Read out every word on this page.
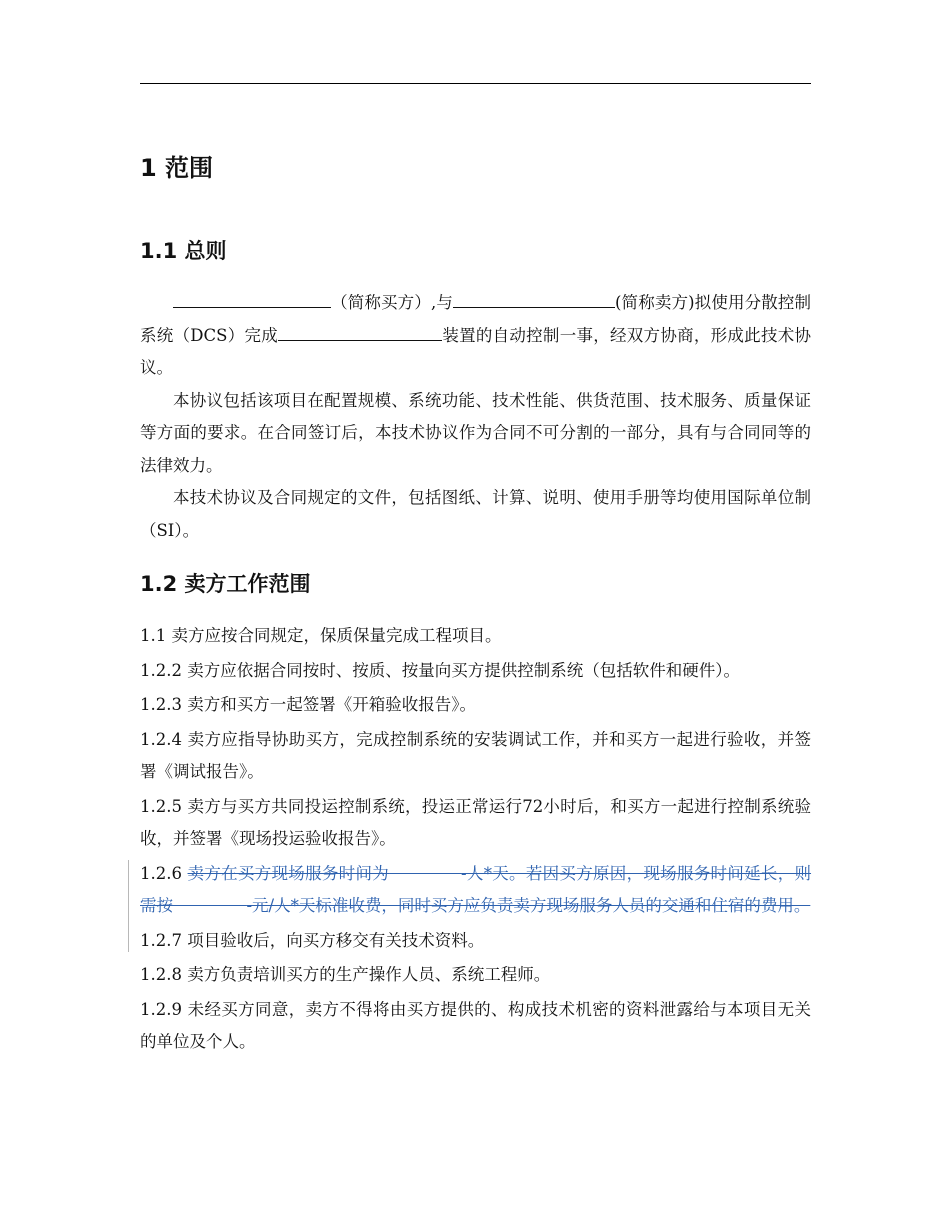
1 范围
1.1 总则

（简称买方）,与	(简称卖方)拟使用分散控制系统（DCS）完成	装置的自动控制一事，经双方协商，形成此技术协议。

本协议包括该项目在配置规模、系统功能、技术性能、供货范围、技术服务、质量保证等方面的要求。在合同签订后，本技术协议作为合同不可分割的一部分，具有与合同同等的法律效力。

本技术协议及合同规定的文件，包括图纸、计算、说明、使用手册等均使用国际单位制（SI）。

1.2 卖方工作范围

1.1 卖方应按合同规定，保质保量完成工程项目。

1.2.2 卖方应依据合同按时、按质、按量向买方提供控制系统（包括软件和硬件）。

1.2.3 卖方和买方一起签署《开箱验收报告》。

1.2.4 卖方应指导协助买方，完成控制系统的安装调试工作，并和买方一起进行验收，并签署《调试报告》。

1.2.5 卖方与买方共同投运控制系统，投运正常运行72小时后，和买方一起进行控制系统验收，并签署《现场投运验收报告》。

1.2.6 卖方在买方现场服务时间为	-人*天。若因买方原因，现场服务时间延长，则需按	-元/人*天标准收费，同时买方应负责卖方现场服务人员的交通和住宿的费用。

1.2.7 项目验收后，向买方移交有关技术资料。

1.2.8 卖方负责培训买方的生产操作人员、系统工程师。

1.2.9 未经买方同意，卖方不得将由买方提供的、构成技术机密的资料泄露给与本项目无关的单位及个人。
